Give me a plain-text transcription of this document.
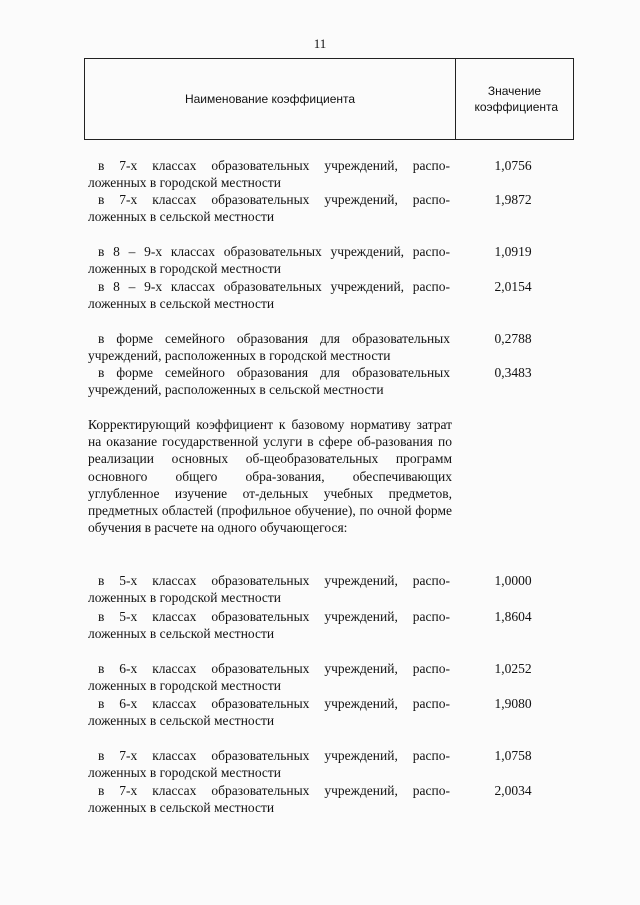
11
Наименование коэффициента
Значение коэффициента
в 7-х классах образовательных учреждений, распо-ложенных в городской местности
1,0756
в 7-х классах образовательных учреждений, распо-ложенных в сельской местности
1,9872
в 8 – 9-х классах образовательных учреждений, распо-ложенных в городской местности
1,0919
в 8 – 9-х классах образовательных учреждений, распо-ложенных в сельской местности
2,0154
в форме семейного образования для образовательных учреждений, расположенных в городской местности
0,2788
в форме семейного образования для образовательных учреждений, расположенных в сельской местности
0,3483
Корректирующий коэффициент к базовому нормативу затрат на оказание государственной услуги в сфере об-разования по реализации основных об-щеобразовательных программ основного общего обра-зования, обеспечивающих углубленное изучение от-дельных учебных предметов, предметных областей (профильное обучение), по очной форме обучения в расчете на одного обучающегося:
в 5-х классах образовательных учреждений, распо-ложенных в городской местности
1,0000
в 5-х классах образовательных учреждений, распо-ложенных в сельской местности
1,8604
в 6-х классах образовательных учреждений, распо-ложенных в городской местности
1,0252
в 6-х классах образовательных учреждений, распо-ложенных в сельской местности
1,9080
в 7-х классах образовательных учреждений, распо-ложенных в городской местности
1,0758
в 7-х классах образовательных учреждений, распо-ложенных в сельской местности
2,0034
